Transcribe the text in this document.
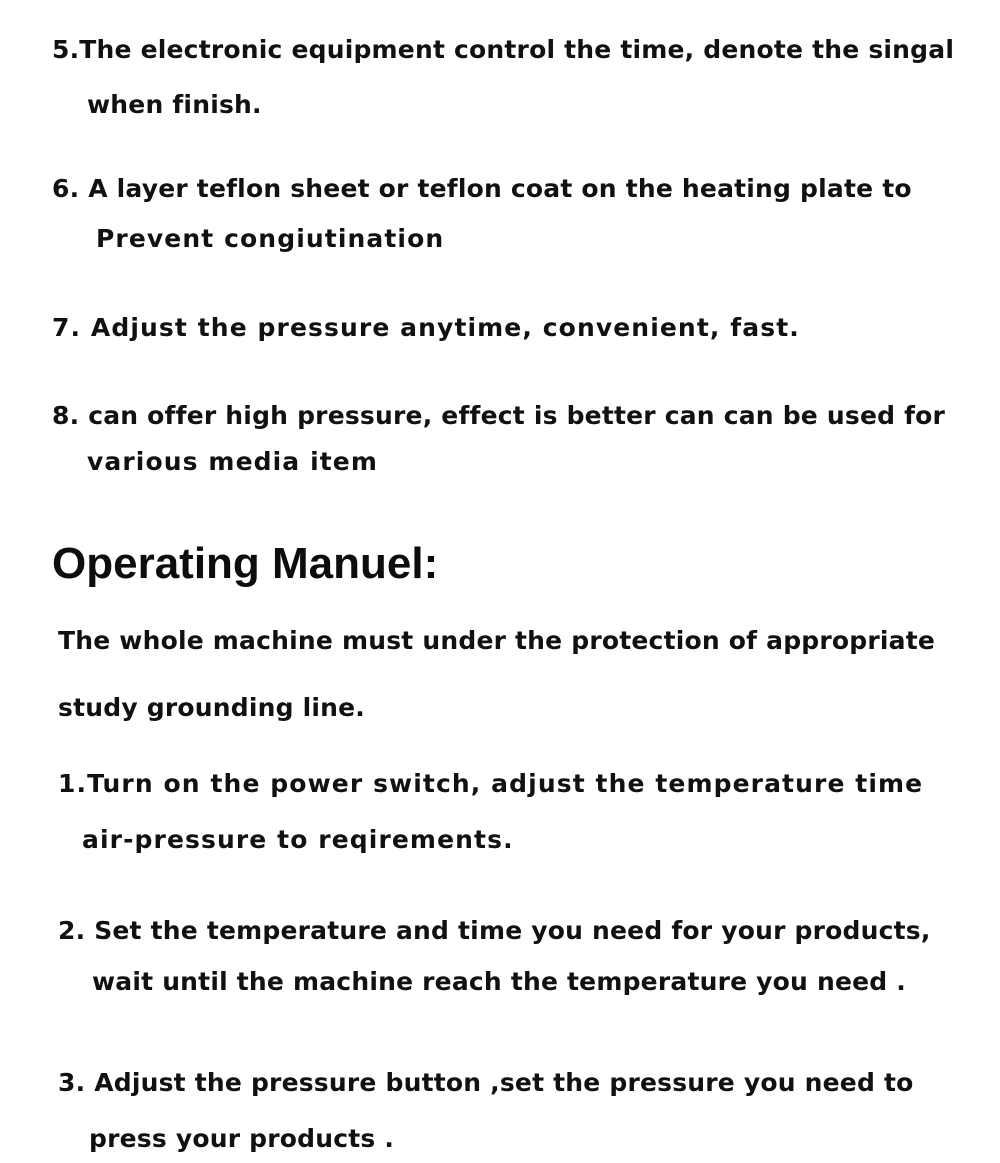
5.The electronic equipment control the time, denote the singal
when finish.
6. A layer teflon sheet or teflon coat on the heating plate to
Prevent congiutination
7. Adjust the pressure anytime, convenient, fast.
8. can offer high pressure, effect is better can can be used for
various media item
Operating Manuel:
The whole machine must under the protection of appropriate
study grounding line.
1.Turn on the power switch, adjust the temperature time
air-pressure to reqirements.
2. Set the temperature and time you need for your products,
wait until the machine reach the temperature you need .
3. Adjust the pressure button ,set the pressure you need to
press your products .
